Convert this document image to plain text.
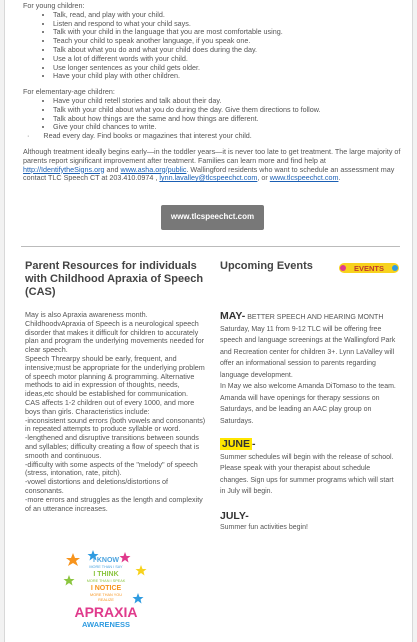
For young children:

• Talk, read, and play with your child.
• Listen and respond to what your child says.
• Talk with your child in the language that you are most comfortable using.
• Teach your child to speak another language, if you speak one.
• Talk about what you do and what your child does during the day.
• Use a lot of different words with your child.
• Use longer sentences as your child gets older.
• Have your child play with other children.

For elementary-age children:

• Have your child retell stories and talk about their day.
• Talk with your child about what you do during the day. Give them directions to follow.
• Talk about how things are the same and how things are different.
• Give your child chances to write.

·       Read every day. Find books or magazines that interest your child.

Although treatment ideally begins early—in the toddler years—it is never too late to get treatment. The large majority of parents report significant improvement after treatment. Families can learn more and find help at http://IdentifytheSigns.org and www.asha.org/public. Wallingford residents who want to schedule an assessment may contact TLC Speech CT at 203.410.0974 , lynn.lavalley@tlcspeechct.com, or www.tlcspeechct.com.

www.tlcspeechct.com
Parent Resources for individuals with Childhood Apraxia of Speech (CAS)

May is also Apraxia awareness month.

ChildhoodvApraxia of Speech is a neurological speech disorder that makes it difficult for children to accurately plan and program the underlying movements needed for clear speech.

Speech Threarpy should be early, frequent, and intensive;must be appropriate for the underlying problem of speech motor planning & programming. Alternative methods to aid in expression of thoughts, needs, ideas,etc should be established for communication.

CAS affects 1-2 children out of every 1000, and more boys than girls. Characteristics include:

-inconsistent sound errors (both vowels and consonants) in repeated attempts to produce syllable or word.

-lengthened and disruptive transitions between sounds and syllables; difficulty creating a flow of speech that is smooth and continuous.

-difficulty with some aspects of the "melody" of speech (stress, intonation, rate, pitch).

-vowel distortions and deletions/distortions of consonants.

-more errors and struggles as the length and complexity of an utterance increases.

I KNOW
MORE THAN I SAY
I THINK
MORE THAN I SPEAK
I NOTICE
MORE THAN YOU
REALIZE
APRAXIA
AWARENESS
Upcoming Events
MAY- BETTER SPEECH AND HEARING MONTH
Saturday, May 11 from 9-12 TLC will be offering free speech and language screenings at the Wallingford Park and Recreation center for children 3+. Lynn LaValley will offer an informational session to parents regarding language development.
In May we also welcome Amanda DiTomaso to the team. Amanda will have openings for therapy sessions on Saturdays, and be leading an AAC play group on Saturdays.
JUNE -
Summer schedules will begin with the release of school. Please speak with your therapist about schedule changes. Sign ups for summer programs which will start in July will begin.
JULY-
Summer fun activities begin!
EVENTS
